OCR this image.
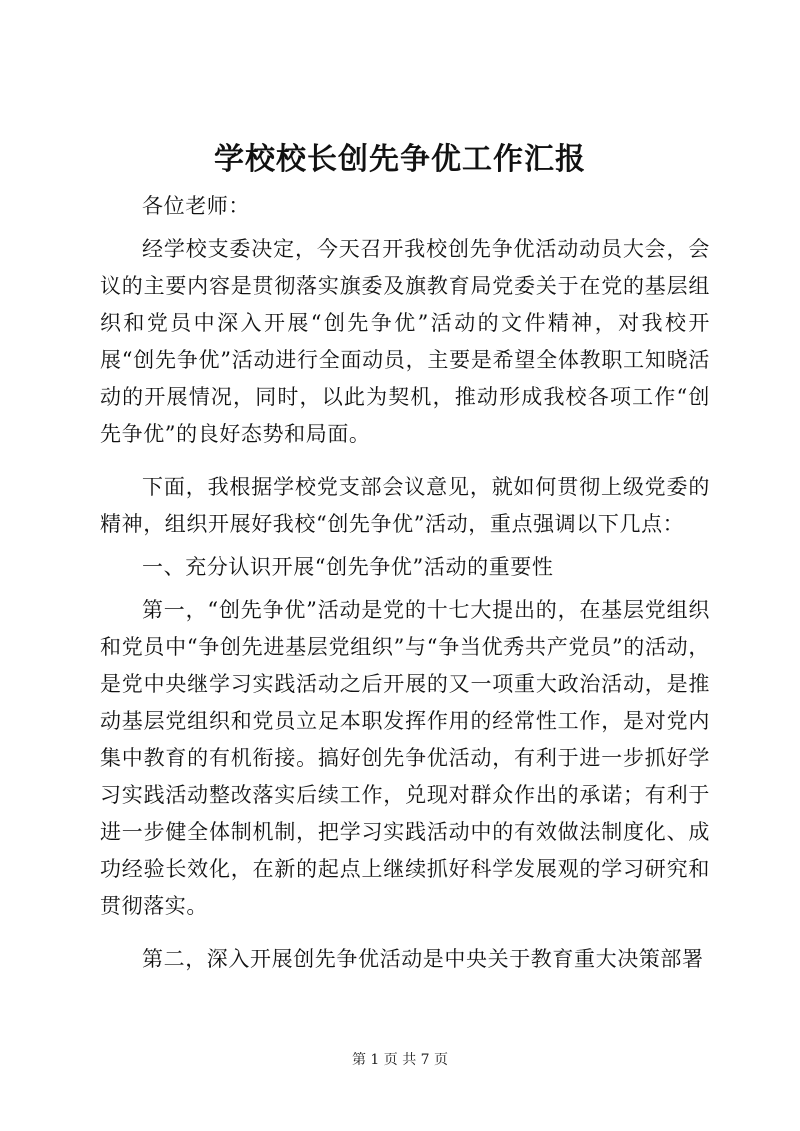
学校校长创先争优工作汇报

各位老师：

经学校支委决定，今天召开我校创先争优活动动员大会，会议的主要内容是贯彻落实旗委及旗教育局党委关于在党的基层组织和党员中深入开展“创先争优”活动的文件精神，对我校开展“创先争优”活动进行全面动员，主要是希望全体教职工知晓活动的开展情况，同时，以此为契机，推动形成我校各项工作“创先争优”的良好态势和局面。

下面，我根据学校党支部会议意见，就如何贯彻上级党委的精神，组织开展好我校“创先争优”活动，重点强调以下几点：

一、充分认识开展“创先争优”活动的重要性

第一，“创先争优”活动是党的十七大提出的，在基层党组织和党员中“争创先进基层党组织”与“争当优秀共产党员”的活动，是党中央继学习实践活动之后开展的又一项重大政治活动，是推动基层党组织和党员立足本职发挥作用的经常性工作，是对党内集中教育的有机衔接。搞好创先争优活动，有利于进一步抓好学习实践活动整改落实后续工作，兑现对群众作出的承诺；有利于进一步健全体制机制，把学习实践活动中的有效做法制度化、成功经验长效化，在新的起点上继续抓好科学发展观的学习研究和贯彻落实。

第二，深入开展创先争优活动是中央关于教育重大决策部署

第 1 页 共 7 页
